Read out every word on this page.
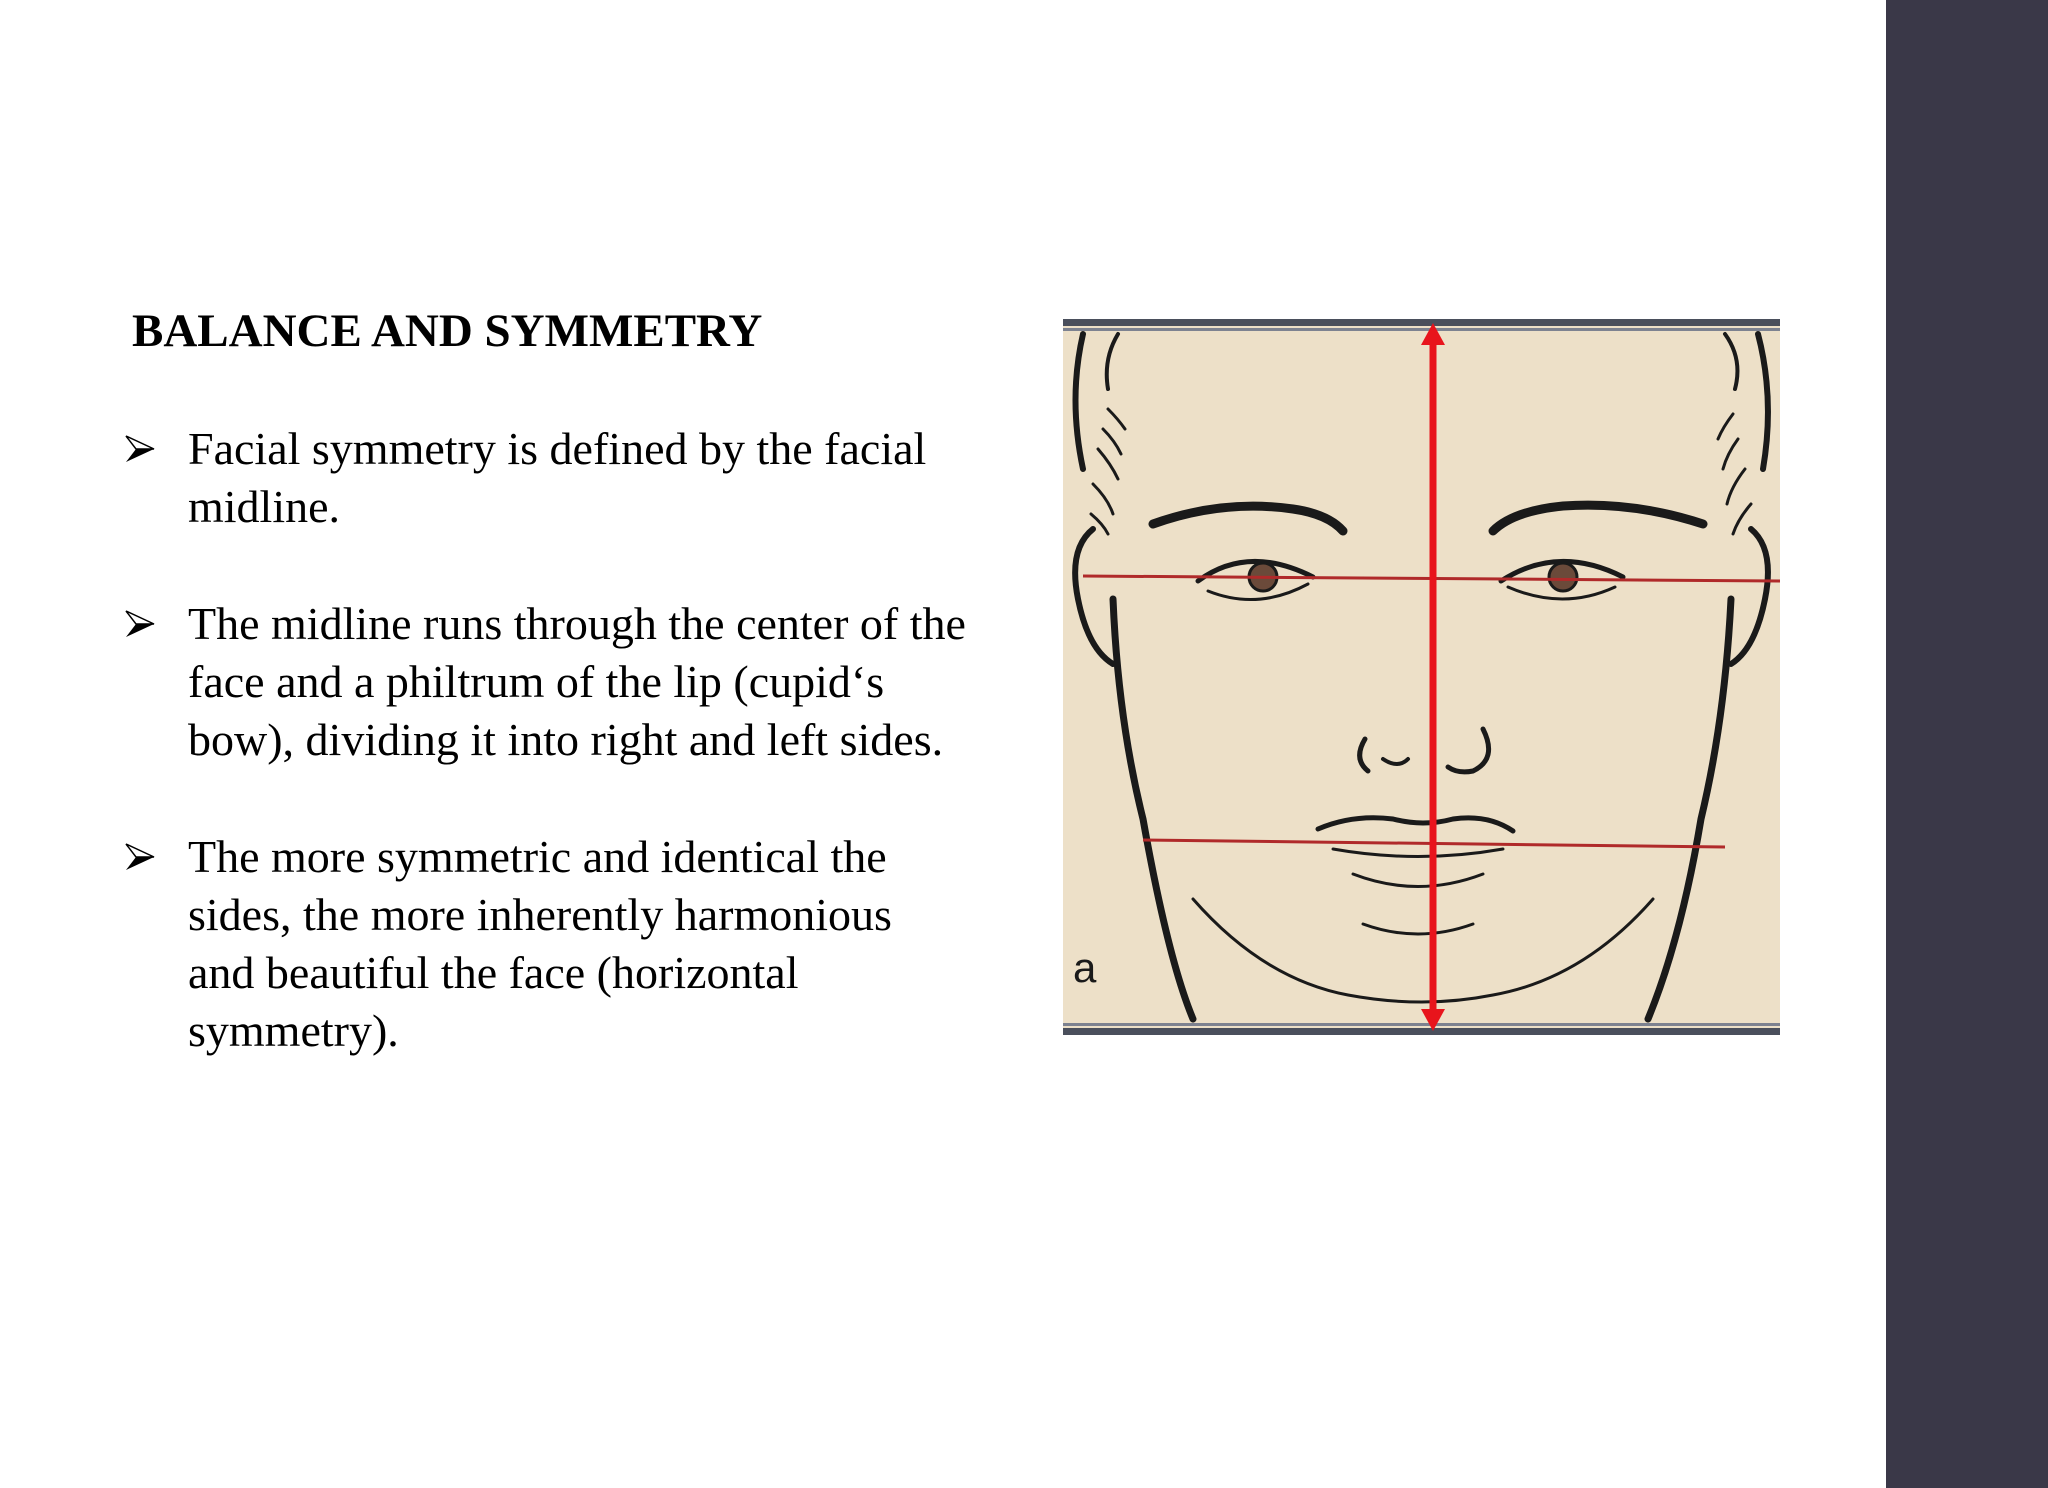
BALANCE AND SYMMETRY
Facial symmetry is defined by the facial midline.
The midline runs through the center of the face and a philtrum of the lip (cupid‘s bow), dividing it into right and left sides.
The more symmetric and identical the sides, the more inherently harmonious and beautiful the face (horizontal symmetry).
a
